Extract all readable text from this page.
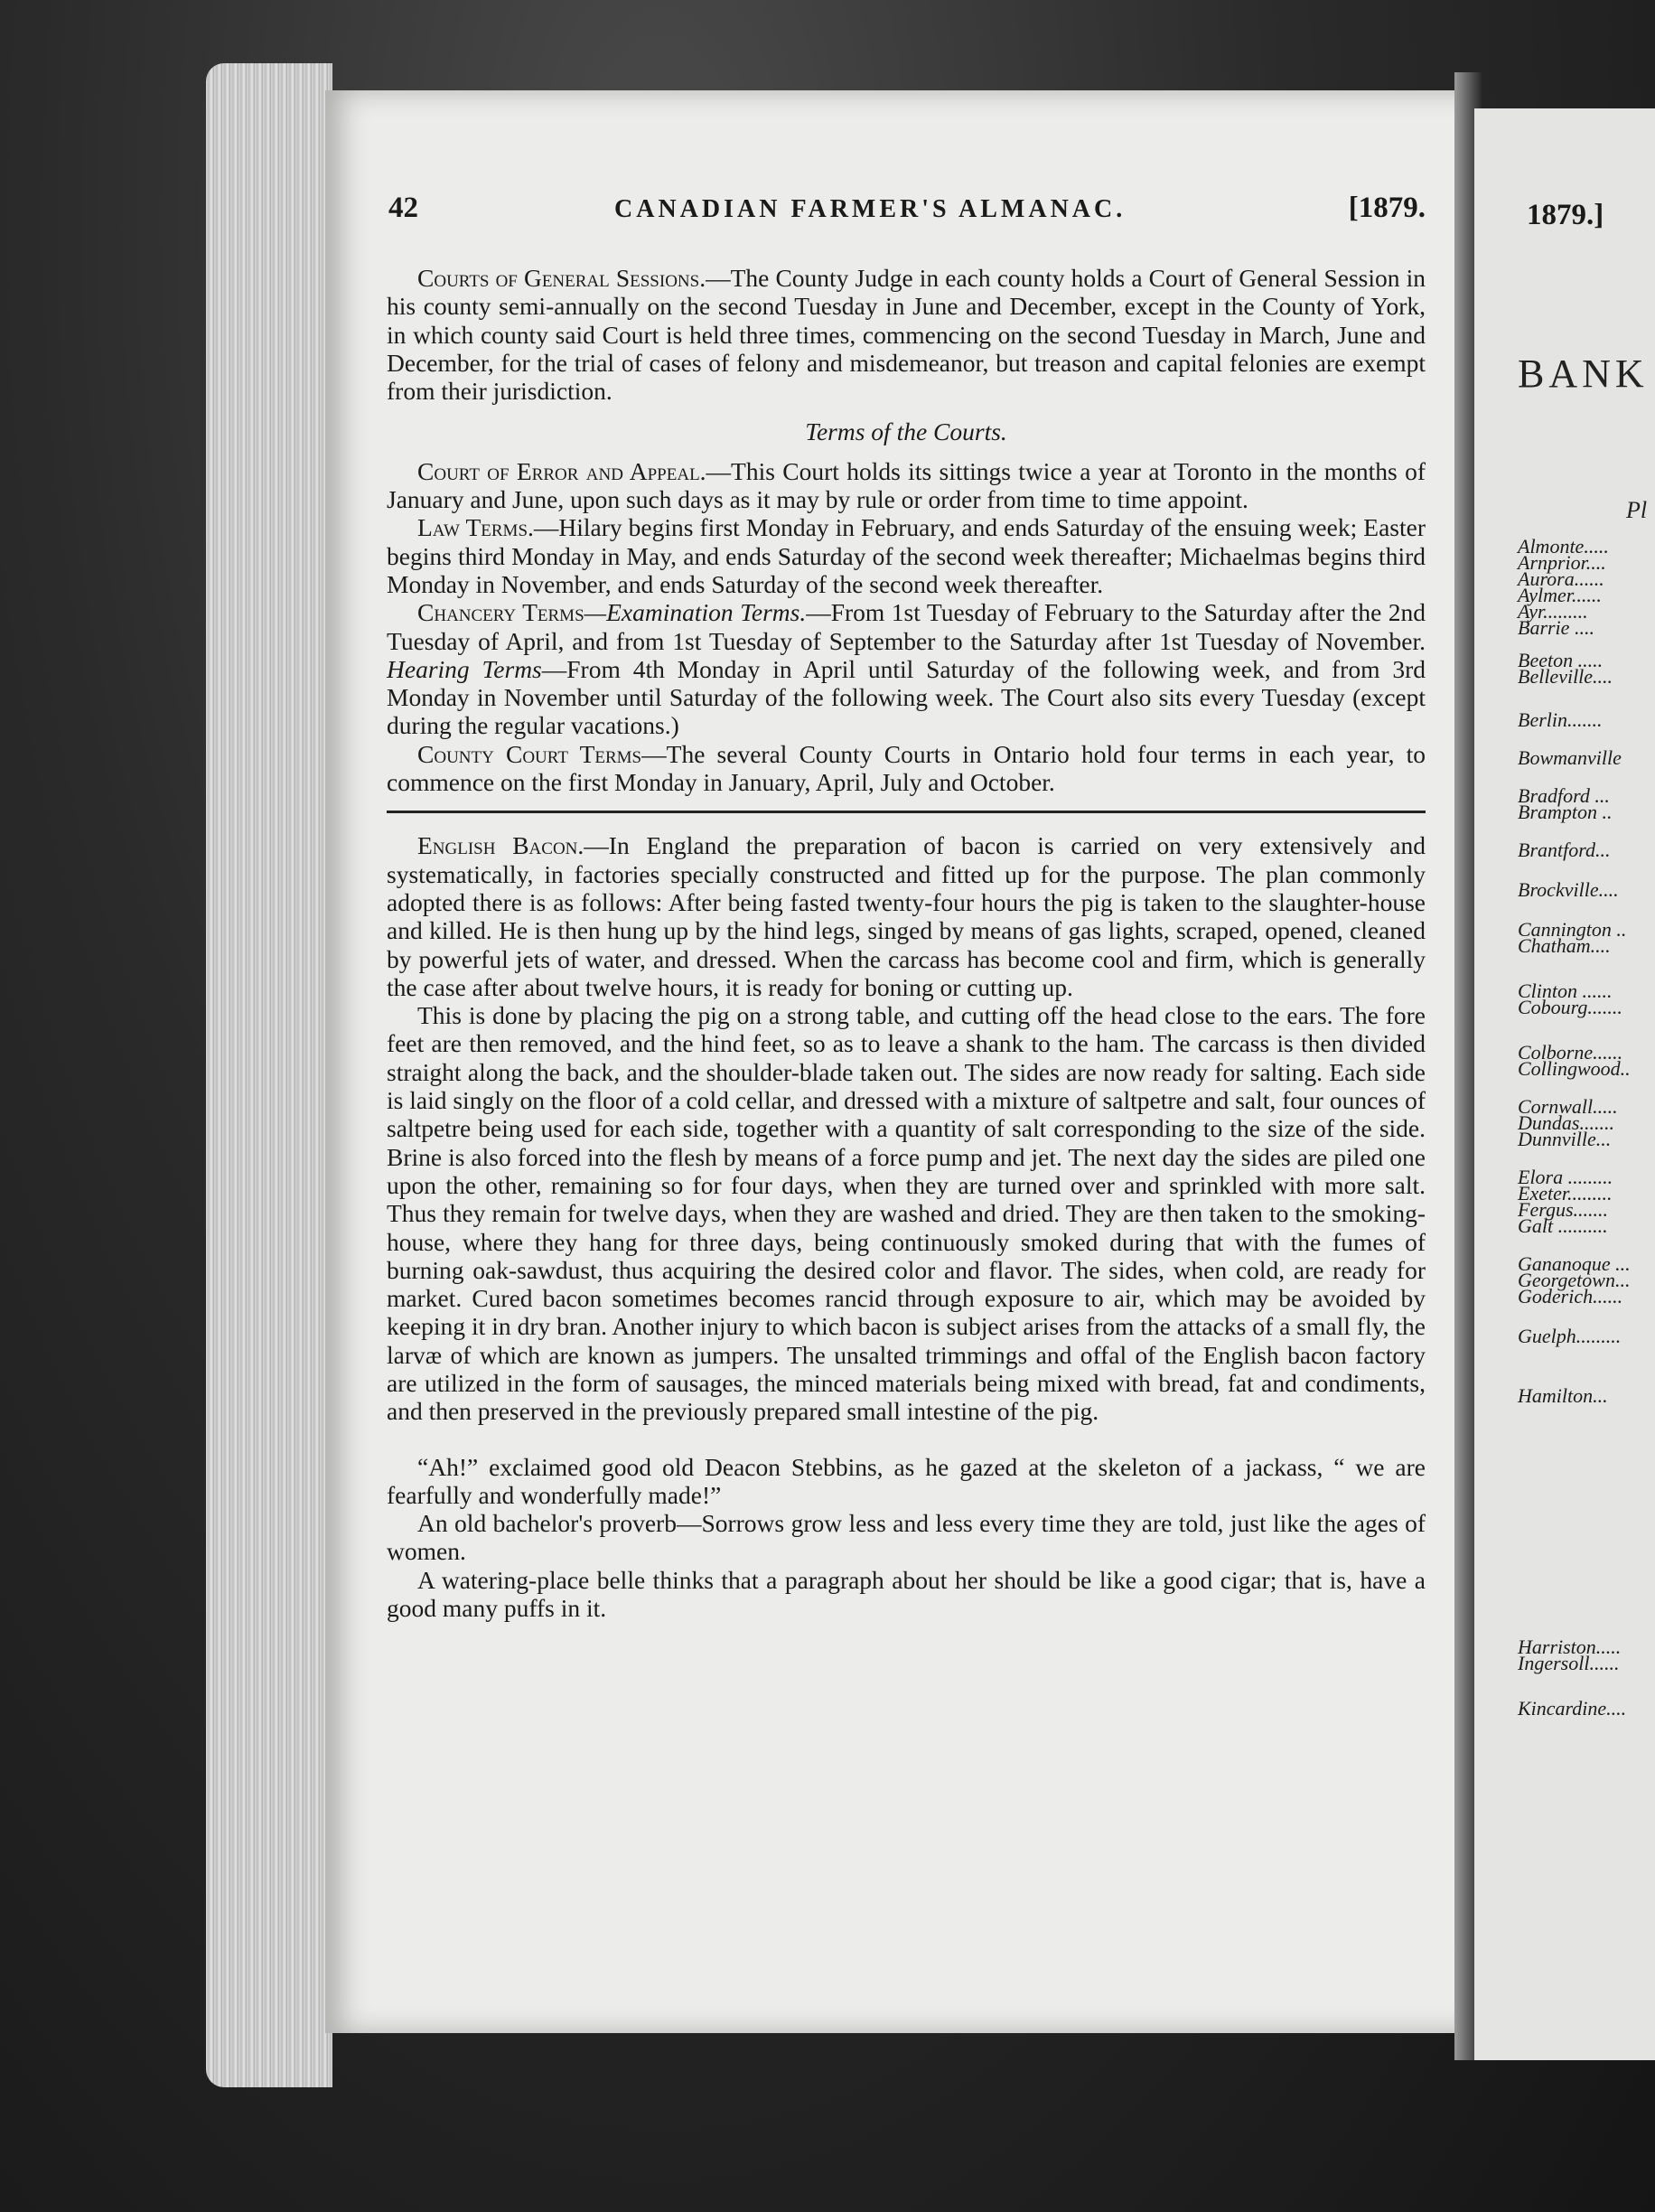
42	CANADIAN FARMER'S ALMANAC.	[1879.

Courts of General Sessions.—The County Judge in each county holds a Court of General Session in his county semi-annually on the second Tuesday in June and December, except in the County of York, in which county said Court is held three times, commencing on the second Tuesday in March, June and December, for the trial of cases of felony and misdemeanor, but treason and capital felonies are exempt from their jurisdiction.

Terms of the Courts.

Court of Error and Appeal.—This Court holds its sittings twice a year at Toronto in the months of January and June, upon such days as it may by rule or order from time to time appoint.

Law Terms.—Hilary begins first Monday in February, and ends Saturday of the ensuing week; Easter begins third Monday in May, and ends Saturday of the second week thereafter; Michaelmas begins third Monday in November, and ends Saturday of the second week thereafter.

Chancery Terms—Examination Terms.—From 1st Tuesday of February to the Saturday after the 2nd Tuesday of April, and from 1st Tuesday of September to the Saturday after 1st Tuesday of November. Hearing Terms—From 4th Monday in April until Saturday of the following week, and from 3rd Monday in November until Saturday of the following week. The Court also sits every Tuesday (except during the regular vacations.)

County Court Terms—The several County Courts in Ontario hold four terms in each year, to commence on the first Monday in January, April, July and October.

English Bacon.—In England the preparation of bacon is carried on very extensively and systematically, in factories specially constructed and fitted up for the purpose. The plan commonly adopted there is as follows: After being fasted twenty-four hours the pig is taken to the slaughter-house and killed. He is then hung up by the hind legs, singed by means of gas lights, scraped, opened, cleaned by powerful jets of water, and dressed. When the carcass has become cool and firm, which is generally the case after about twelve hours, it is ready for boning or cutting up.

This is done by placing the pig on a strong table, and cutting off the head close to the ears. The fore feet are then removed, and the hind feet, so as to leave a shank to the ham. The carcass is then divided straight along the back, and the shoulder-blade taken out. The sides are now ready for salting. Each side is laid singly on the floor of a cold cellar, and dressed with a mixture of saltpetre and salt, four ounces of saltpetre being used for each side, together with a quantity of salt corresponding to the size of the side. Brine is also forced into the flesh by means of a force pump and jet. The next day the sides are piled one upon the other, remaining so for four days, when they are turned over and sprinkled with more salt. Thus they remain for twelve days, when they are washed and dried. They are then taken to the smoking-house, where they hang for three days, being continuously smoked during that with the fumes of burning oak-sawdust, thus acquiring the desired color and flavor. The sides, when cold, are ready for market. Cured bacon sometimes becomes rancid through exposure to air, which may be avoided by keeping it in dry bran. Another injury to which bacon is subject arises from the attacks of a small fly, the larvæ of which are known as jumpers. The unsalted trimmings and offal of the English bacon factory are utilized in the form of sausages, the minced materials being mixed with bread, fat and condiments, and then preserved in the previously prepared small intestine of the pig.

“Ah!” exclaimed good old Deacon Stebbins, as he gazed at the skeleton of a jackass, “ we are fearfully and wonderfully made!”

An old bachelor's proverb—Sorrows grow less and less every time they are told, just like the ages of women.

A watering-place belle thinks that a paragraph about her should be like a good cigar; that is, have a good many puffs in it.

1879.]
BANK
Pl
Almonte.....
Arnprior....
Aurora......
Aylmer......
Ayr.........
Barrie ....
Beeton .....
Belleville....
Berlin.......
Bowmanville
Bradford ...
Brampton ..
Brantford...
Brockville....
Cannington ..
Chatham....
Clinton ......
Cobourg.......
Colborne......
Collingwood..
Cornwall.....
Dundas.......
Dunnville...
Elora .........
Exeter.........
Fergus.......
Galt ..........
Gananoque ...
Georgetown...
Goderich......
Guelph.........
Hamilton...
Harriston.....
Ingersoll......
Kincardine....
